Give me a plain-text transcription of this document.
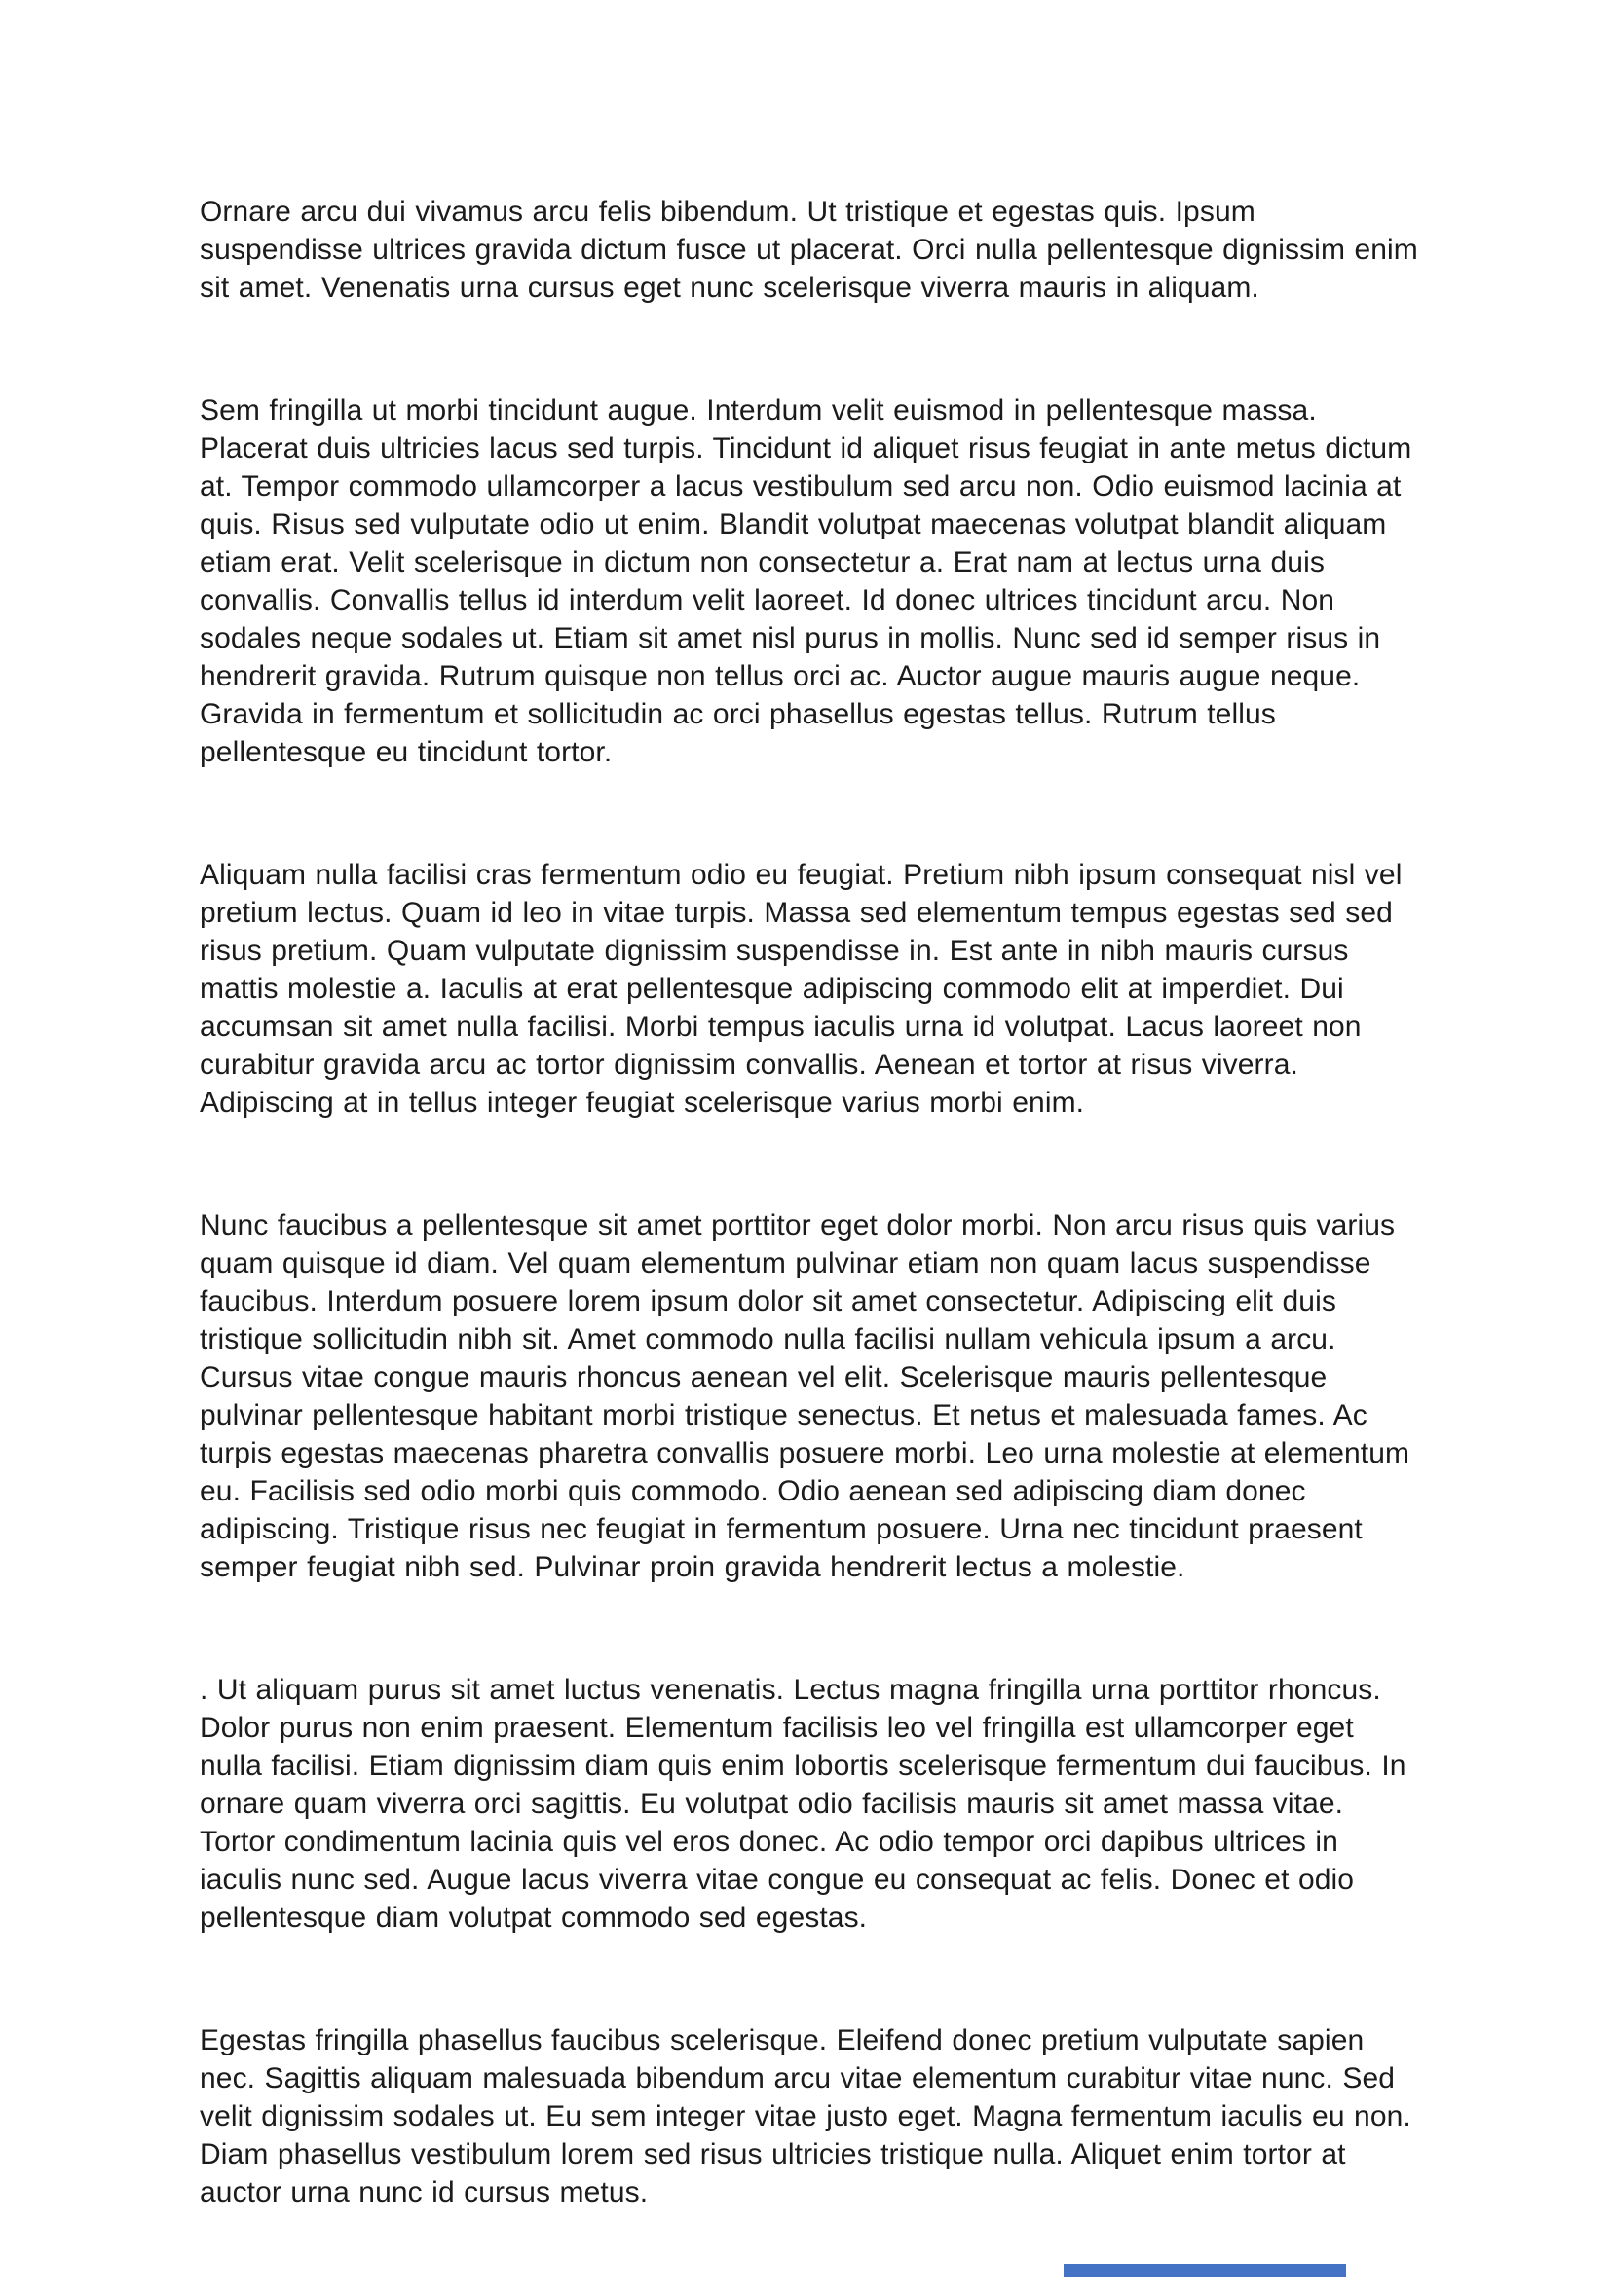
Ornare arcu dui vivamus arcu felis bibendum. Ut tristique et egestas quis. Ipsum suspendisse ultrices gravida dictum fusce ut placerat. Orci nulla pellentesque dignissim enim sit amet. Venenatis urna cursus eget nunc scelerisque viverra mauris in aliquam.

Sem fringilla ut morbi tincidunt augue. Interdum velit euismod in pellentesque massa. Placerat duis ultricies lacus sed turpis. Tincidunt id aliquet risus feugiat in ante metus dictum at. Tempor commodo ullamcorper a lacus vestibulum sed arcu non. Odio euismod lacinia at quis. Risus sed vulputate odio ut enim. Blandit volutpat maecenas volutpat blandit aliquam etiam erat. Velit scelerisque in dictum non consectetur a. Erat nam at lectus urna duis convallis. Convallis tellus id interdum velit laoreet. Id donec ultrices tincidunt arcu. Non sodales neque sodales ut. Etiam sit amet nisl purus in mollis. Nunc sed id semper risus in hendrerit gravida. Rutrum quisque non tellus orci ac. Auctor augue mauris augue neque. Gravida in fermentum et sollicitudin ac orci phasellus egestas tellus. Rutrum tellus pellentesque eu tincidunt tortor.

Aliquam nulla facilisi cras fermentum odio eu feugiat. Pretium nibh ipsum consequat nisl vel pretium lectus. Quam id leo in vitae turpis. Massa sed elementum tempus egestas sed sed risus pretium. Quam vulputate dignissim suspendisse in. Est ante in nibh mauris cursus mattis molestie a. Iaculis at erat pellentesque adipiscing commodo elit at imperdiet. Dui accumsan sit amet nulla facilisi. Morbi tempus iaculis urna id volutpat. Lacus laoreet non curabitur gravida arcu ac tortor dignissim convallis. Aenean et tortor at risus viverra. Adipiscing at in tellus integer feugiat scelerisque varius morbi enim.

Nunc faucibus a pellentesque sit amet porttitor eget dolor morbi. Non arcu risus quis varius quam quisque id diam. Vel quam elementum pulvinar etiam non quam lacus suspendisse faucibus. Interdum posuere lorem ipsum dolor sit amet consectetur. Adipiscing elit duis tristique sollicitudin nibh sit. Amet commodo nulla facilisi nullam vehicula ipsum a arcu. Cursus vitae congue mauris rhoncus aenean vel elit. Scelerisque mauris pellentesque pulvinar pellentesque habitant morbi tristique senectus. Et netus et malesuada fames. Ac turpis egestas maecenas pharetra convallis posuere morbi. Leo urna molestie at elementum eu. Facilisis sed odio morbi quis commodo. Odio aenean sed adipiscing diam donec adipiscing. Tristique risus nec feugiat in fermentum posuere. Urna nec tincidunt praesent semper feugiat nibh sed. Pulvinar proin gravida hendrerit lectus a molestie.

. Ut aliquam purus sit amet luctus venenatis. Lectus magna fringilla urna porttitor rhoncus. Dolor purus non enim praesent. Elementum facilisis leo vel fringilla est ullamcorper eget nulla facilisi. Etiam dignissim diam quis enim lobortis scelerisque fermentum dui faucibus. In ornare quam viverra orci sagittis. Eu volutpat odio facilisis mauris sit amet massa vitae. Tortor condimentum lacinia quis vel eros donec. Ac odio tempor orci dapibus ultrices in iaculis nunc sed. Augue lacus viverra vitae congue eu consequat ac felis. Donec et odio pellentesque diam volutpat commodo sed egestas.

Egestas fringilla phasellus faucibus scelerisque. Eleifend donec pretium vulputate sapien nec. Sagittis aliquam malesuada bibendum arcu vitae elementum curabitur vitae nunc. Sed velit dignissim sodales ut. Eu sem integer vitae justo eget. Magna fermentum iaculis eu non. Diam phasellus vestibulum lorem sed risus ultricies tristique nulla. Aliquet enim tortor at auctor urna nunc id cursus metus.
